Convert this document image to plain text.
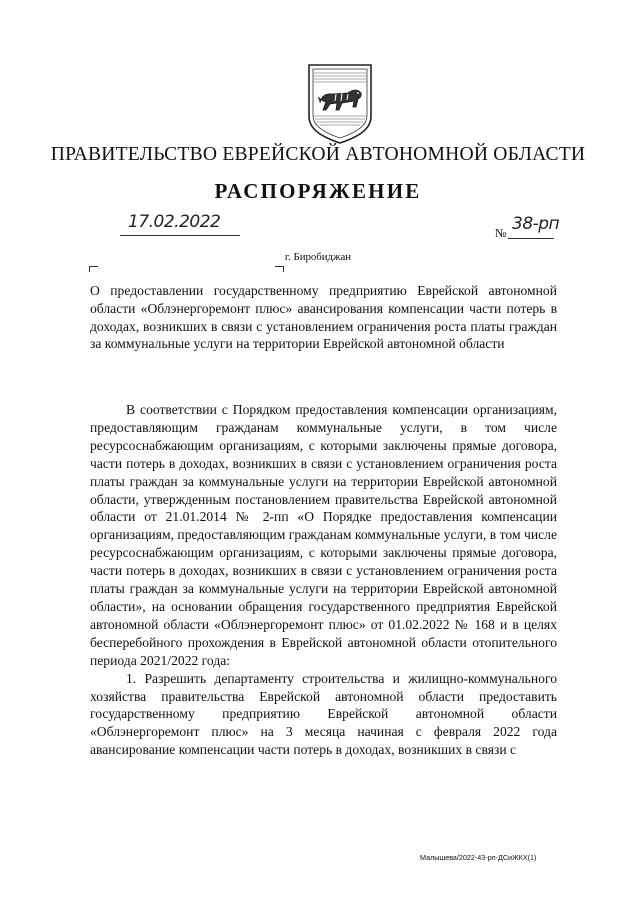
ПРАВИТЕЛЬСТВО ЕВРЕЙСКОЙ АВТОНОМНОЙ ОБЛАСТИ
РАСПОРЯЖЕНИЕ
17.02.2022
№ 38-рп
г. Биробиджан
О предоставлении государственному предприятию Еврейской автономной области «Облэнергоремонт плюс» авансирования компенсации части потерь в доходах, возникших в связи с установлением ограничения роста платы граждан за коммунальные услуги на территории Еврейской автономной области

В соответствии с Порядком предоставления компенсации организациям, предоставляющим гражданам коммунальные услуги, в том числе ресурсоснабжающим организациям, с которыми заключены прямые договора, части потерь в доходах, возникших в связи с установлением ограничения роста платы граждан за коммунальные услуги на территории Еврейской автономной области, утвержденным постановлением правительства Еврейской автономной области от 21.01.2014 № 2-пп «О Порядке предоставления компенсации организациям, предоставляющим гражданам коммунальные услуги, в том числе ресурсоснабжающим организациям, с которыми заключены прямые договора, части потерь в доходах, возникших в связи с установлением ограничения роста платы граждан за коммунальные услуги на территории Еврейской автономной области», на основании обращения государственного предприятия Еврейской автономной области «Облэнергоремонт плюс» от 01.02.2022 № 168 и в целях бесперебойного прохождения в Еврейской автономной области отопительного периода 2021/2022 года:

1. Разрешить департаменту строительства и жилищно-коммунального хозяйства правительства Еврейской автономной области предоставить государственному предприятию Еврейской автономной области «Облэнергоремонт плюс» на 3 месяца начиная с февраля 2022 года авансирование компенсации части потерь в доходах, возникших в связи с

Малышева/2022-43-рп-ДСиЖКХ(1)
